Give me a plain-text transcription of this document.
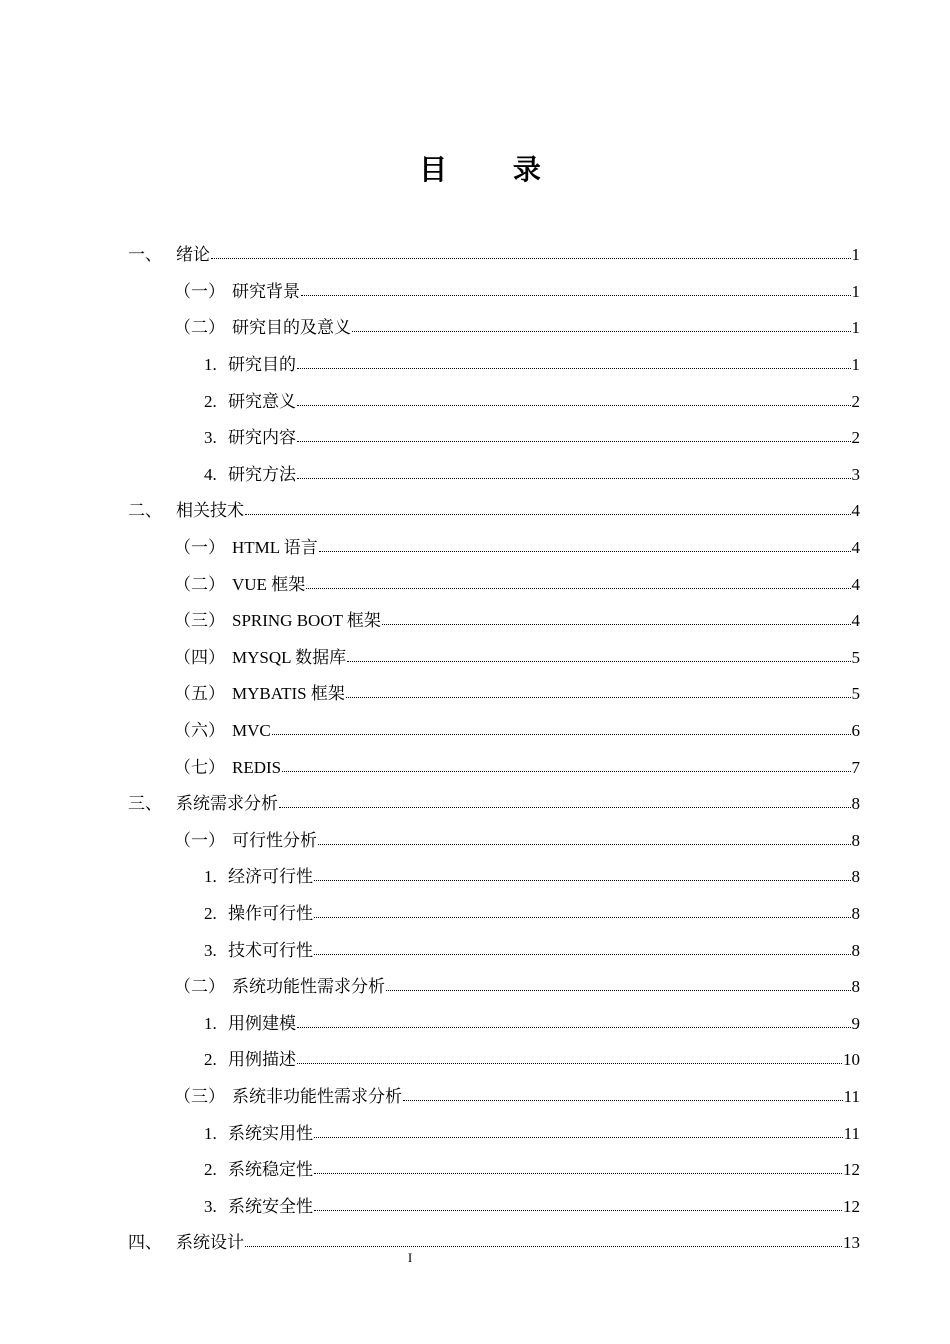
目 录
一、 绪论	1
（一） 研究背景	1
（二） 研究目的及意义	1
1. 研究目的	1
2. 研究意义	2
3. 研究内容	2
4. 研究方法	3
二、 相关技术	4
（一） HTML 语言	4
（二） VUE 框架	4
（三） SPRING BOOT 框架	4
（四） MYSQL 数据库	5
（五） MYBATIS 框架	5
（六） MVC	6
（七） REDIS	7
三、 系统需求分析	8
（一） 可行性分析	8
1. 经济可行性	8
2. 操作可行性	8
3. 技术可行性	8
（二） 系统功能性需求分析	8
1. 用例建模	9
2. 用例描述	10
（三） 系统非功能性需求分析	11
1. 系统实用性	11
2. 系统稳定性	12
3. 系统安全性	12
四、 系统设计	13
I
